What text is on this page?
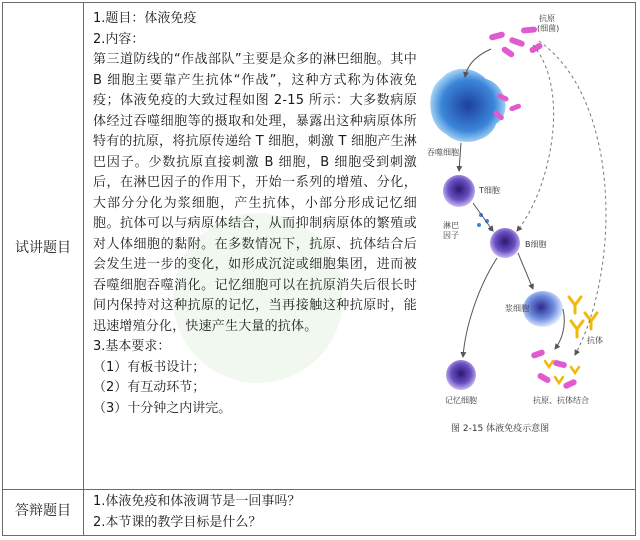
试讲题目
答辩题目
1.题目：体液免疫
2.内容：
第三道防线的“作战部队”主要是众多的淋巴细胞。其中 B 细胞主要靠产生抗体“作战”，这种方式称为体液免疫；体液免疫的大致过程如图 2-15 所示：大多数病原体经过吞噬细胞等的摄取和处理，暴露出这种病原体所特有的抗原，将抗原传递给 T 细胞，刺激 T 细胞产生淋巴因子。少数抗原直接刺激 B 细胞，B 细胞受到刺激后，在淋巴因子的作用下，开始一系列的增殖、分化，大部分分化为浆细胞，产生抗体，小部分形成记忆细胞。抗体可以与病原体结合，从而抑制病原体的繁殖或对人体细胞的黏附。在多数情况下，抗原、抗体结合后会发生进一步的变化，如形成沉淀或细胞集团，进而被吞噬细胞吞噬消化。记忆细胞可以在抗原消失后很长时间内保持对这种抗原的记忆，当再接触这种抗原时，能迅速增殖分化，快速产生大量的抗体。
3.基本要求：
（1）有板书设计；
（2）有互动环节；
（3）十分钟之内讲完。
抗原
(细菌)
吞噬细胞
T细胞
淋巴因子
B细胞
浆细胞
抗体
记忆细胞	抗原、抗体结合
图 2-15 体液免疫示意图
1.体液免疫和体液调节是一回事吗？
2.本节课的教学目标是什么？
